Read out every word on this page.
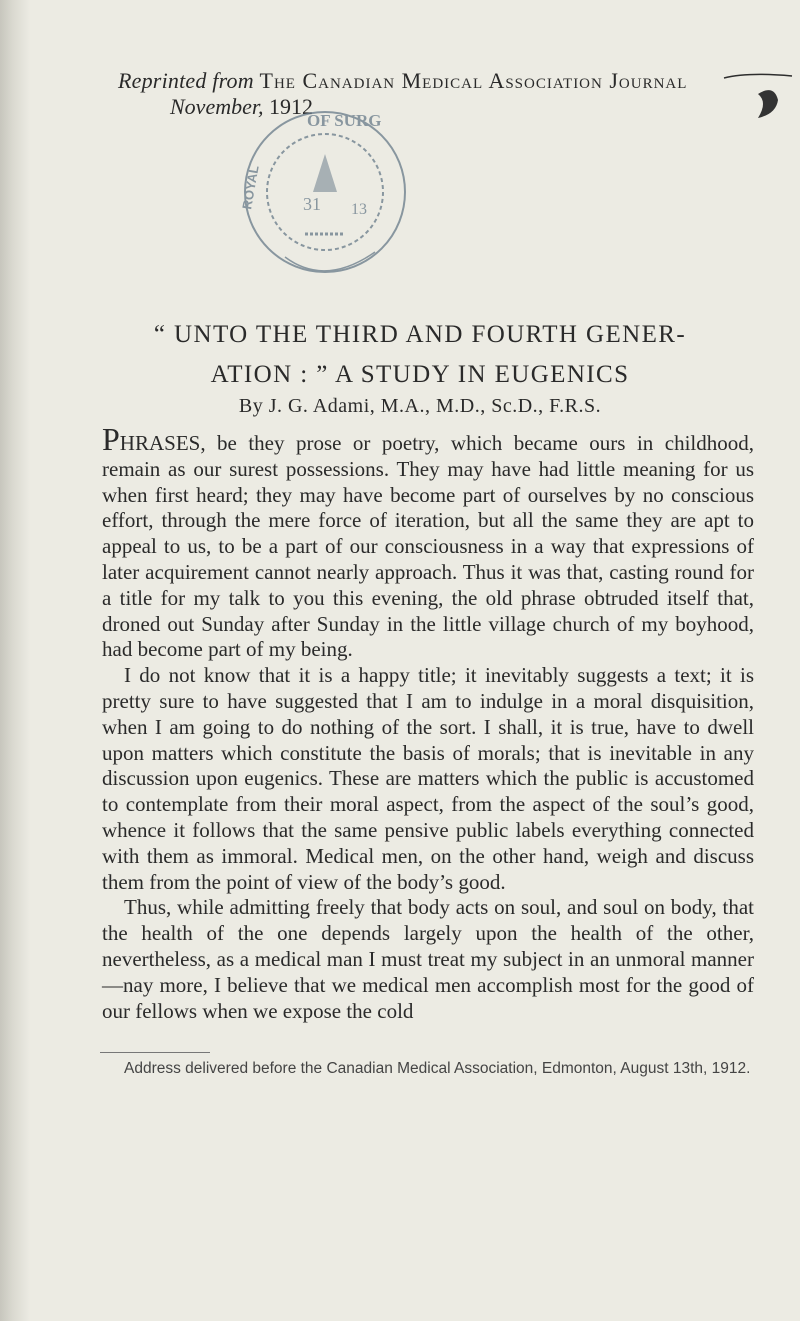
Reprinted from The Canadian Medical Association Journal
November, 1912
OF SURG
ROYAL 31 13
“ UNTO THE THIRD AND FOURTH GENER-
ATION : ” A STUDY IN EUGENICS
By J. G. Adami, M.A., M.D., Sc.D., F.R.S.

PHRASES, be they prose or poetry, which became ours in childhood, remain as our surest possessions. They may have had little meaning for us when first heard; they may have become part of ourselves by no conscious effort, through the mere force of iteration, but all the same they are apt to appeal to us, to be a part of our consciousness in a way that expressions of later acquirement cannot nearly approach. Thus it was that, casting round for a title for my talk to you this evening, the old phrase obtruded itself that, droned out Sunday after Sunday in the little village church of my boyhood, had become part of my being.

I do not know that it is a happy title; it inevitably suggests a text; it is pretty sure to have suggested that I am to indulge in a moral disquisition, when I am going to do nothing of the sort. I shall, it is true, have to dwell upon matters which constitute the basis of morals; that is inevitable in any discussion upon eugenics. These are matters which the public is accustomed to contemplate from their moral aspect, from the aspect of the soul’s good, whence it follows that the same pensive public labels everything connected with them as immoral. Medical men, on the other hand, weigh and discuss them from the point of view of the body’s good.

Thus, while admitting freely that body acts on soul, and soul on body, that the health of the one depends largely upon the health of the other, nevertheless, as a medical man I must treat my subject in an unmoral manner—nay more, I believe that we medical men accomplish most for the good of our fellows when we expose the cold

Address delivered before the Canadian Medical Association, Edmonton, August 13th, 1912.
